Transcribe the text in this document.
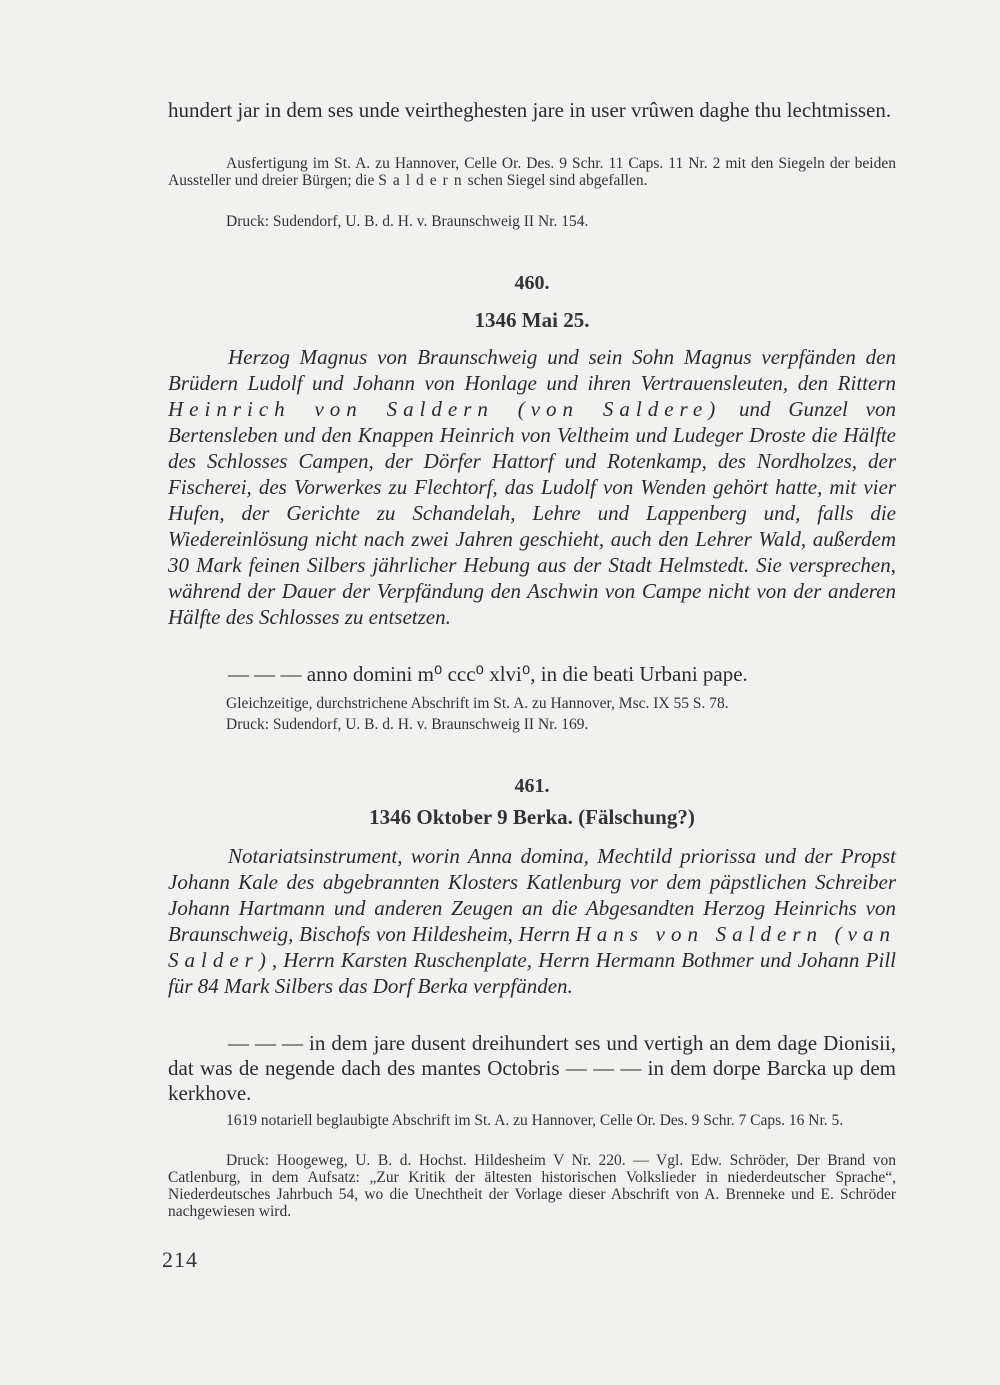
hundert jar in dem ses unde veirtheghesten jare in user vrûwen daghe thu lechtmissen.
Ausfertigung im St. A. zu Hannover, Celle Or. Des. 9 Schr. 11 Caps. 11 Nr. 2 mit den Siegeln der beiden Aussteller und dreier Bürgen; die Saldernschen Siegel sind abgefallen.
Druck: Sudendorf, U. B. d. H. v. Braunschweig II Nr. 154.
460.
1346 Mai 25.
Herzog Magnus von Braunschweig und sein Sohn Magnus verpfänden den Brüdern Ludolf und Johann von Honlage und ihren Vertrauensleuten, den Rittern Heinrich von Saldern (von Saldere) und Gunzel von Bertensleben und den Knappen Heinrich von Veltheim und Ludeger Droste die Hälfte des Schlosses Campen, der Dörfer Hattorf und Rotenkamp, des Nordholzes, der Fischerei, des Vorwerkes zu Flechtorf, das Ludolf von Wenden gehört hatte, mit vier Hufen, der Gerichte zu Schandelah, Lehre und Lappenberg und, falls die Wiedereinlösung nicht nach zwei Jahren geschieht, auch den Lehrer Wald, außerdem 30 Mark feinen Silbers jährlicher Hebung aus der Stadt Helmstedt. Sie versprechen, während der Dauer der Verpfändung den Aschwin von Campe nicht von der anderen Hälfte des Schlosses zu entsetzen.
— — — anno domini m⁰ ccc⁰ xlvi⁰, in die beati Urbani pape.
Gleichzeitige, durchstrichene Abschrift im St. A. zu Hannover, Msc. IX 55 S. 78.
Druck: Sudendorf, U. B. d. H. v. Braunschweig II Nr. 169.
461.
1346 Oktober 9 Berka. (Fälschung?)
Notariatsinstrument, worin Anna domina, Mechtild priorissa und der Propst Johann Kale des abgebrannten Klosters Katlenburg vor dem päpstlichen Schreiber Johann Hartmann und anderen Zeugen an die Abgesandten Herzog Heinrichs von Braunschweig, Bischofs von Hildesheim, Herrn Hans von Saldern (van Salder), Herrn Karsten Ruschenplate, Herrn Hermann Bothmer und Johann Pill für 84 Mark Silbers das Dorf Berka verpfänden.
— — — in dem jare dusent dreihundert ses und vertigh an dem dage Dionisii, dat was de negende dach des mantes Octobris — — — in dem dorpe Barcka up dem kerkhove.
1619 notariell beglaubigte Abschrift im St. A. zu Hannover, Celle Or. Des. 9 Schr. 7 Caps. 16 Nr. 5.
Druck: Hoogeweg, U. B. d. Hochst. Hildesheim V Nr. 220. — Vgl. Edw. Schröder, Der Brand von Catlenburg, in dem Aufsatz: „Zur Kritik der ältesten historischen Volkslieder in niederdeutscher Sprache“, Niederdeutsches Jahrbuch 54, wo die Unechtheit der Vorlage dieser Abschrift von A. Brenneke und E. Schröder nachgewiesen wird.
214
